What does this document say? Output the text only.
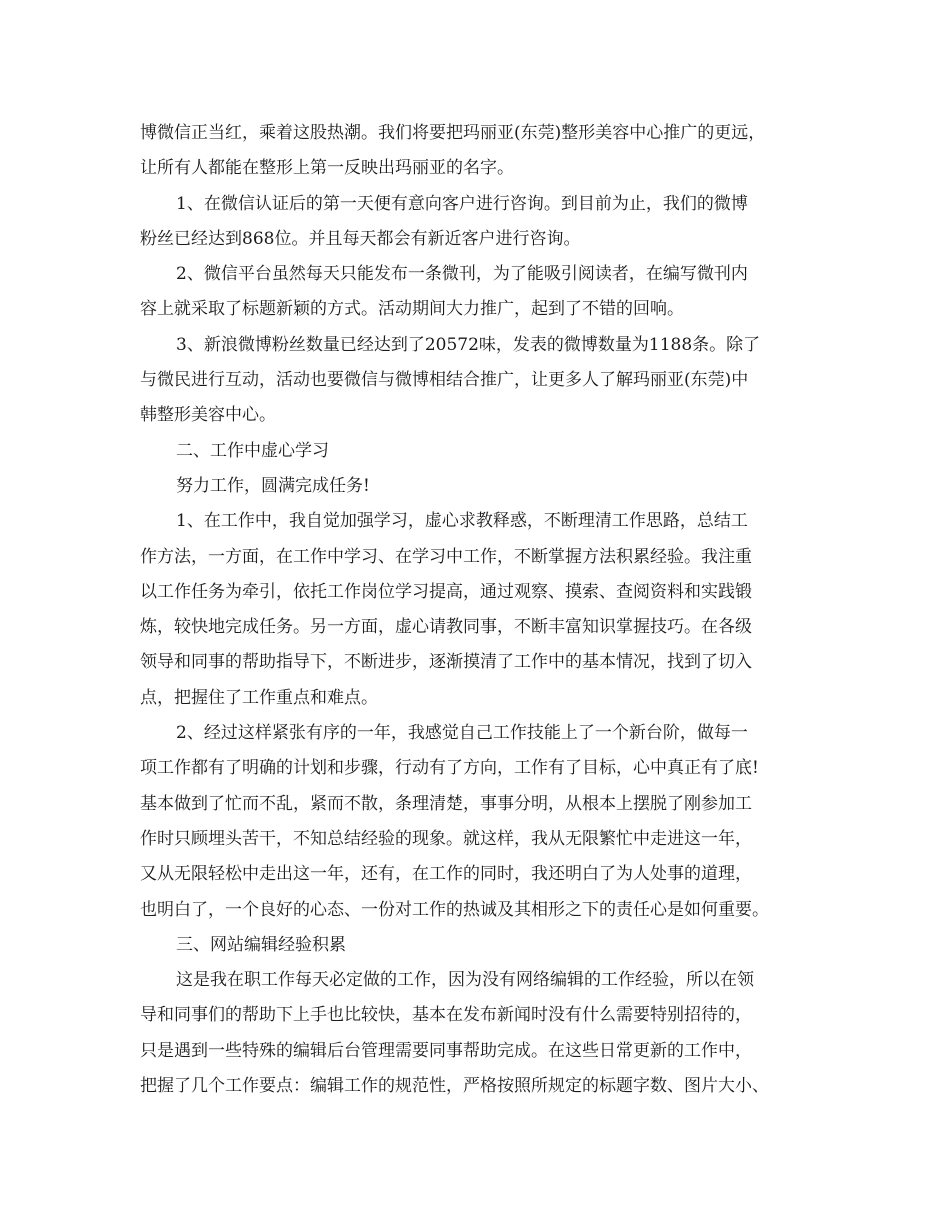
博微信正当红，乘着这股热潮。我们将要把玛丽亚(东莞)整形美容中心推广的更远，
让所有人都能在整形上第一反映出玛丽亚的名字。
1、在微信认证后的第一天便有意向客户进行咨询。到目前为止，我们的微博
粉丝已经达到868位。并且每天都会有新近客户进行咨询。
2、微信平台虽然每天只能发布一条微刊，为了能吸引阅读者，在编写微刊内
容上就采取了标题新颖的方式。活动期间大力推广，起到了不错的回响。
3、新浪微博粉丝数量已经达到了20572味，发表的微博数量为1188条。除了
与微民进行互动，活动也要微信与微博相结合推广，让更多人了解玛丽亚(东莞)中
韩整形美容中心。
二、工作中虚心学习
努力工作，圆满完成任务!
1、在工作中，我自觉加强学习，虚心求教释惑，不断理清工作思路，总结工
作方法，一方面，在工作中学习、在学习中工作，不断掌握方法积累经验。我注重
以工作任务为牵引，依托工作岗位学习提高，通过观察、摸索、查阅资料和实践锻
炼，较快地完成任务。另一方面，虚心请教同事，不断丰富知识掌握技巧。在各级
领导和同事的帮助指导下，不断进步，逐渐摸清了工作中的基本情况，找到了切入
点，把握住了工作重点和难点。
2、经过这样紧张有序的一年，我感觉自己工作技能上了一个新台阶，做每一
项工作都有了明确的计划和步骤，行动有了方向，工作有了目标，心中真正有了底!
基本做到了忙而不乱，紧而不散，条理清楚，事事分明，从根本上摆脱了刚参加工
作时只顾埋头苦干，不知总结经验的现象。就这样，我从无限繁忙中走进这一年，
又从无限轻松中走出这一年，还有，在工作的同时，我还明白了为人处事的道理，
也明白了，一个良好的心态、一份对工作的热诚及其相形之下的责任心是如何重要。
三、网站编辑经验积累
这是我在职工作每天必定做的工作，因为没有网络编辑的工作经验，所以在领
导和同事们的帮助下上手也比较快，基本在发布新闻时没有什么需要特别招待的，
只是遇到一些特殊的编辑后台管理需要同事帮助完成。在这些日常更新的工作中，
把握了几个工作要点：编辑工作的规范性，严格按照所规定的标题字数、图片大小、
